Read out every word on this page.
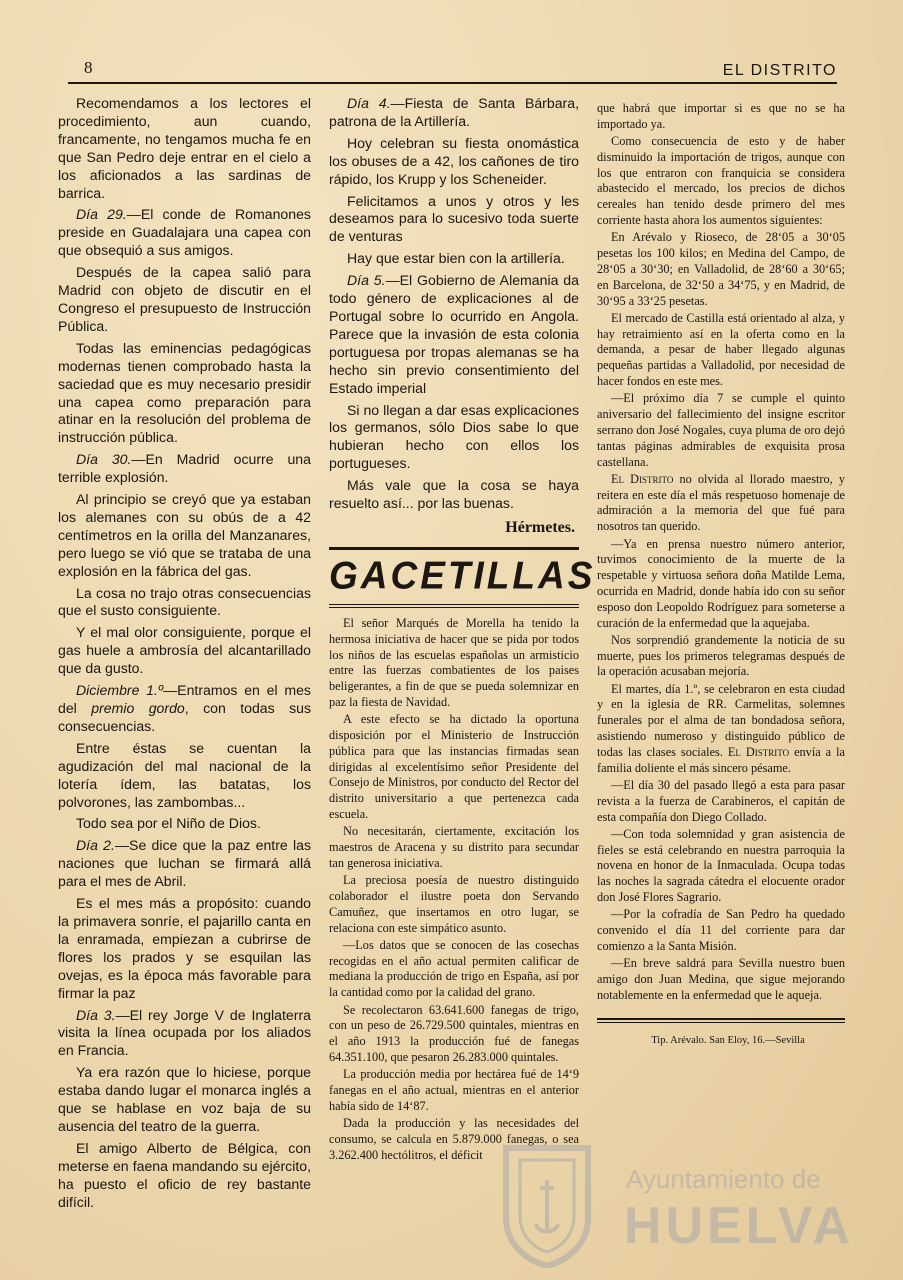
8	EL DISTRITO

Recomendamos a los lectores el procedimiento, aun cuando, francamente, no tengamos mucha fe en que San Pedro deje entrar en el cielo a los aficionados a las sardinas de barrica.

Día 29.—El conde de Romanones preside en Guadalajara una capea con que obsequió a sus amigos.

Después de la capea salió para Madrid con objeto de discutir en el Congreso el presupuesto de Instrucción Pública.

Todas las eminencias pedagógicas modernas tienen comprobado hasta la saciedad que es muy necesario presidir una capea como preparación para atinar en la resolución del problema de instrucción pública.

Día 30.—En Madrid ocurre una terrible explosión.

Al principio se creyó que ya estaban los alemanes con su obús de a 42 centímetros en la orilla del Manzanares, pero luego se vió que se trataba de una explosión en la fábrica del gas.

La cosa no trajo otras consecuencias que el susto consiguiente.

Y el mal olor consiguiente, porque el gas huele a ambrosía del alcantarillado que da gusto.

Diciembre 1.º—Entramos en el mes del premio gordo, con todas sus consecuencias.

Entre éstas se cuentan la agudización del mal nacional de la lotería ídem, las batatas, los polvorones, las zambombas...

Todo sea por el Niño de Dios.

Día 2.—Se dice que la paz entre las naciones que luchan se firmará allá para el mes de Abril.

Es el mes más a propósito: cuando la primavera sonríe, el pajarillo canta en la enramada, empiezan a cubrirse de flores los prados y se esquilan las ovejas, es la época más favorable para firmar la paz

Día 3.—El rey Jorge V de Inglaterra visita la línea ocupada por los aliados en Francia.

Ya era razón que lo hiciese, porque estaba dando lugar el monarca inglés a que se hablase en voz baja de su ausencia del teatro de la guerra.

El amigo Alberto de Bélgica, con meterse en faena mandando su ejército, ha puesto el oficio de rey bastante difícil.

Día 4.—Fiesta de Santa Bárbara, patrona de la Artillería.

Hoy celebran su fiesta onomástica los obuses de a 42, los cañones de tiro rápido, los Krupp y los Scheneider.

Felicitamos a unos y otros y les deseamos para lo sucesivo toda suerte de venturas

Hay que estar bien con la artillería.

Día 5.—El Gobierno de Alemania da todo género de explicaciones al de Portugal sobre lo ocurrido en Angola. Parece que la invasión de esta colonia portuguesa por tropas alemanas se ha hecho sin previo consentimiento del Estado imperial

Si no llegan a dar esas explicaciones los germanos, sólo Dios sabe lo que hubieran hecho con ellos los portugueses.

Más vale que la cosa se haya resuelto así... por las buenas.

Hérmetes.
GACETILLAS

El señor Marqués de Morella ha tenido la hermosa iniciativa de hacer que se pida por todos los niños de las escuelas españolas un armisticio entre las fuerzas combatientes de los paises beligerantes, a fin de que se pueda solemnizar en paz la fiesta de Navidad.

A este efecto se ha dictado la oportuna disposición por el Ministerio de Instrucción pública para que las instancias firmadas sean dirigidas al excelentísimo señor Presidente del Consejo de Ministros, por conducto del Rector del distrito universitario a que pertenezca cada escuela.

No necesitarán, ciertamente, excitación los maestros de Aracena y su distrito para secundar tan generosa iniciativa.

La preciosa poesía de nuestro distinguido colaborador el ilustre poeta don Servando Camuñez, que insertamos en otro lugar, se relaciona con este simpático asunto.

—Los datos que se conocen de las cosechas recogidas en el año actual permiten calificar de mediana la producción de trigo en España, así por la cantidad como por la calidad del grano.

Se recolectaron 63.641.600 fanegas de trigo, con un peso de 26.729.500 quintales, mientras en el año 1913 la producción fué de fanegas 64.351.100, que pesaron 26.283.000 quintales.

La producción media por hectárea fué de 14‘9 fanegas en el año actual, mientras en el anterior había sido de 14‘87.

Dada la producción y las necesidades del consumo, se calcula en 5.879.000 fanegas, o sea 3.262.400 hectólitros, el déficit

que habrá que importar si es que no se ha importado ya.

Como consecuencia de esto y de haber disminuido la importación de trigos, aunque con los que entraron con franquicia se considera abastecido el mercado, los precios de dichos cereales han tenido desde primero del mes corriente hasta ahora los aumentos siguientes:

En Arévalo y Rioseco, de 28‘05 a 30‘05 pesetas los 100 kilos; en Medina del Campo, de 28‘05 a 30‘30; en Valladolid, de 28‘60 a 30‘65; en Barcelona, de 32‘50 a 34‘75, y en Madrid, de 30‘95 a 33‘25 pesetas.

El mercado de Castilla está orientado al alza, y hay retraimiento así en la oferta como en la demanda, a pesar de haber llegado algunas pequeñas partidas a Valladolid, por necesidad de hacer fondos en este mes.

—El próximo día 7 se cumple el quinto aniversario del fallecimiento del insigne escritor serrano don José Nogales, cuya pluma de oro dejó tantas páginas admirables de exquisita prosa castellana.

El Distrito no olvida al llorado maestro, y reitera en este día el más respetuoso homenaje de admiración a la memoria del que fué para nosotros tan querido.

—Ya en prensa nuestro número anterior, tuvimos conocimiento de la muerte de la respetable y virtuosa señora doña Matilde Lema, ocurrida en Madrid, donde había ido con su señor esposo don Leopoldo Rodríguez para someterse a curación de la enfermedad que la aquejaba.

Nos sorprendió grandemente la noticia de su muerte, pues los primeros telegramas después de la operación acusaban mejoría.

El martes, día 1.º, se celebraron en esta ciudad y en la iglesia de RR. Carmelitas, solemnes funerales por el alma de tan bondadosa señora, asistiendo numeroso y distinguido público de todas las clases sociales. El Distrito envía a la familia doliente el más sincero pésame.

—El día 30 del pasado llegó a esta para pasar revista a la fuerza de Carabineros, el capitán de esta compañía don Diego Collado.

—Con toda solemnidad y gran asistencia de fieles se está celebrando en nuestra parroquia la novena en honor de la Inmaculada. Ocupa todas las noches la sagrada cátedra el elocuente orador don José Flores Sagrario.

—Por la cofradía de San Pedro ha quedado convenido el día 11 del corriente para dar comienzo a la Santa Misión.

—En breve saldrá para Sevilla nuestro buen amigo don Juan Medina, que sigue mejorando notablemente en la enfermedad que le aqueja.

Tip. Arévalo. San Eloy, 16.—Sevilla

Ayuntamiento de
HUELVA
